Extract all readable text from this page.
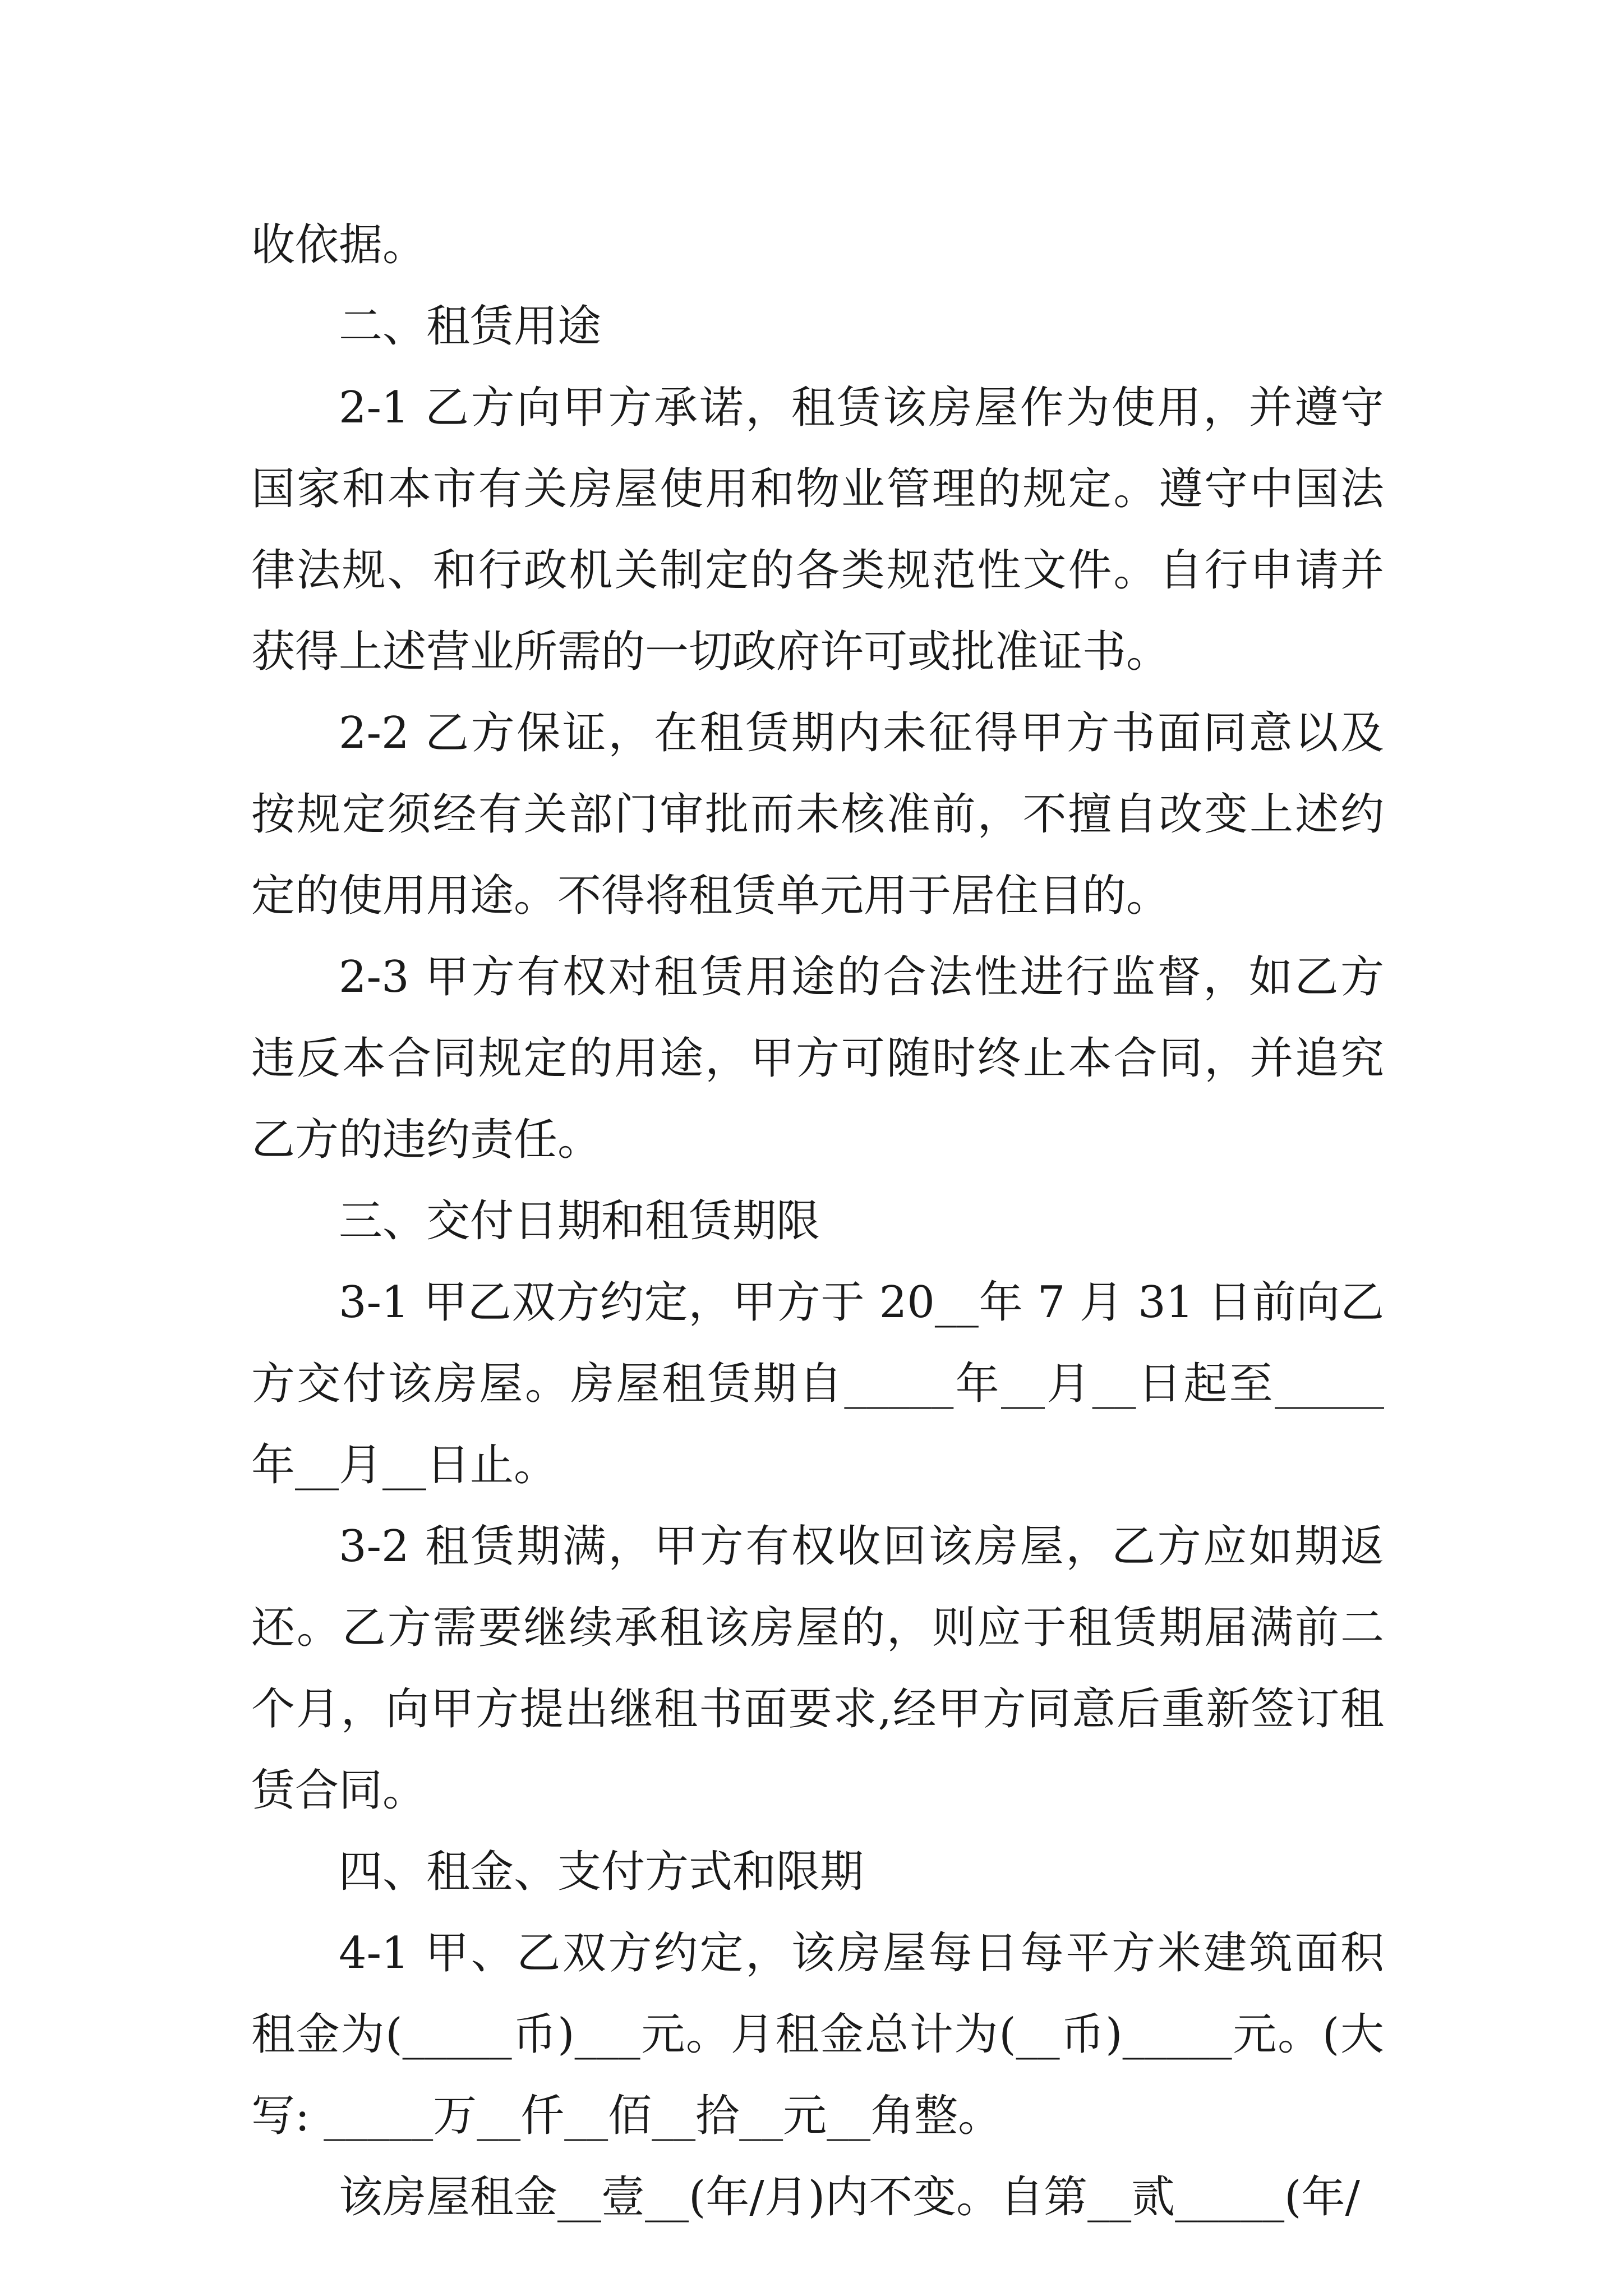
收依据。

二、租赁用途

2-1 乙方向甲方承诺，租赁该房屋作为使用，并遵守国家和本市有关房屋使用和物业管理的规定。遵守中国法律法规、和行政机关制定的各类规范性文件。自行申请并获得上述营业所需的一切政府许可或批准证书。

2-2 乙方保证，在租赁期内未征得甲方书面同意以及按规定须经有关部门审批而未核准前，不擅自改变上述约定的使用用途。不得将租赁单元用于居住目的。

2-3 甲方有权对租赁用途的合法性进行监督，如乙方违反本合同规定的用途，甲方可随时终止本合同，并追究乙方的违约责任。

三、交付日期和租赁期限

3-1 甲乙双方约定，甲方于 20__年 7 月 31 日前向乙方交付该房屋。房屋租赁期自_____年__月__日起至_____年__月__日止。

3-2 租赁期满，甲方有权收回该房屋，乙方应如期返还。乙方需要继续承租该房屋的，则应于租赁期届满前二个月，向甲方提出继租书面要求,经甲方同意后重新签订租赁合同。

四、租金、支付方式和限期

4-1 甲、乙双方约定，该房屋每日每平方米建筑面积租金为(_____币)___元。月租金总计为(__币)_____元。(大写: _____万__仟__佰__拾__元__角整。

该房屋租金__壹__(年/月)内不变。自第__贰_____(年/
